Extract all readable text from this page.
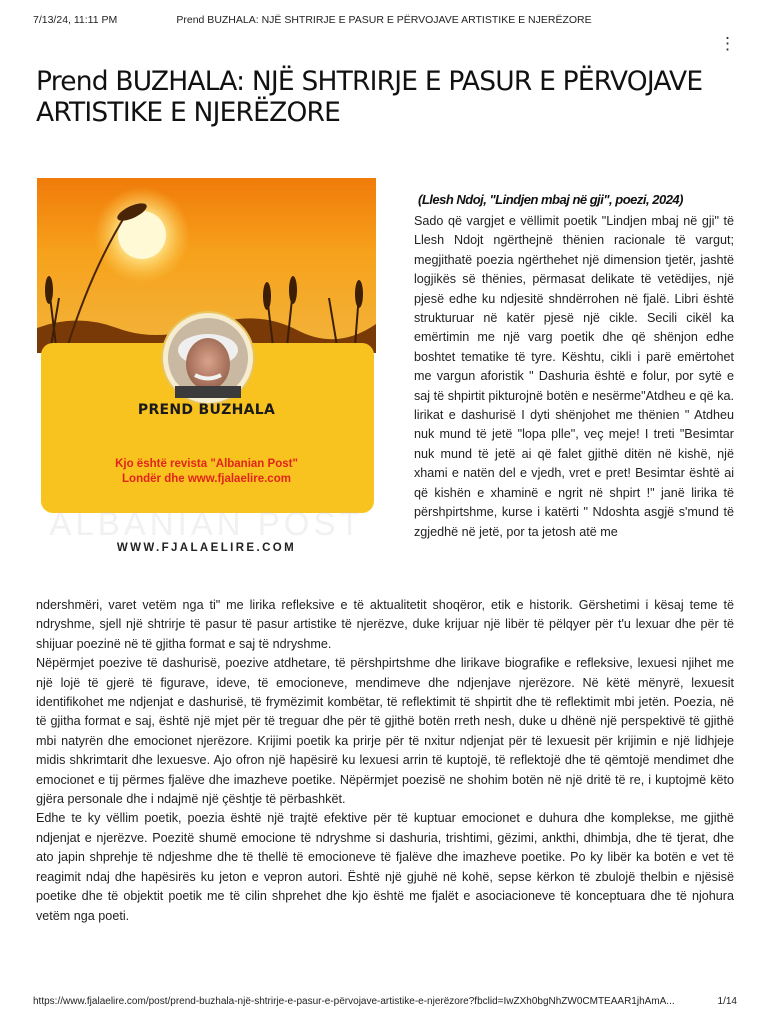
7/13/24, 11:11 PM	Prend BUZHALA: NJË SHTRIRJE E PASUR E PËRVOJAVE ARTISTIKE E NJERËZORE
⋮
Prend BUZHALA: NJË SHTRIRJE E PASUR E PËRVOJAVE ARTISTIKE E NJERËZORE
PREND BUZHALA
Kjo është revista "Albanian Post"
Londër dhe www.fjalaelire.com
ALBANIAN POST
WWW.FJALAELIRE.COM
(Llesh Ndoj, "Lindjen mbaj në gji", poezi, 2024)

Sado që vargjet e vëllimit poetik "Lindjen mbaj në gji" të Llesh Ndojt ngërthejnë thënien racionale të vargut; megjithatë poezia ngërthehet një dimension tjetër, jashtë logjikës së thënies, përmasat delikate të vetëdijes, një pjesë edhe ku ndjesitë shndërrohen në fjalë. Libri është strukturuar në katër pjesë një cikle. Secili cikël ka emërtimin me një varg poetik dhe që shënjon edhe boshtet tematike të tyre. Kështu, cikli i parë emërtohet me vargun aforistik " Dashuria është e folur, por sytë e saj të shpirtit pikturojnë botën e nesërme"Atdheu e që ka. lirikat e dashurisë I dyti shënjohet me thënien " Atdheu nuk mund të jetë "lopa plle", veç meje! I treti "Besimtar nuk mund të jetë ai që falet gjithë ditën në kishë, një xhami e natën del e vjedh, vret e pret! Besimtar është ai që kishën e xhaminë e ngrit në shpirt !" janë lirika të përshpirtshme, kurse i katërti " Ndoshta asgjë s'mund të zgjedhë në jetë, por ta jetosh atë me

ndershmëri, varet vetëm nga ti" me lirika refleksive e të aktualitetit shoqëror, etik e historik. Gërshetimi i kësaj teme të ndryshme, sjell një shtrirje të pasur të pasur artistike të njerëzve, duke krijuar një libër të pëlqyer për t'u lexuar dhe për të shijuar poezinë në të gjitha format e saj të ndryshme.

Nëpërmjet poezive të dashurisë, poezive atdhetare, të përshpirtshme dhe lirikave biografike e refleksive, lexuesi njihet me një lojë të gjerë të figurave, ideve, të emocioneve, mendimeve dhe ndjenjave njerëzore. Në këtë mënyrë, lexuesit identifikohet me ndjenjat e dashurisë, të frymëzimit kombëtar, të reflektimit të shpirtit dhe të reflektimit mbi jetën. Poezia, në të gjitha format e saj, është një mjet për të treguar dhe për të gjithë botën rreth nesh, duke u dhënë një perspektivë të gjithë mbi natyrën dhe emocionet njerëzore. Krijimi poetik ka prirje për të nxitur ndjenjat për të lexuesit për krijimin e një lidhjeje midis shkrimtarit dhe lexuesve. Ajo ofron një hapësirë ku lexuesi arrin të kuptojë, të reflektojë dhe të qëmtojë mendimet dhe emocionet e tij përmes fjalëve dhe imazheve poetike. Nëpërmjet poezisë ne shohim botën në një dritë të re, i kuptojmë këto gjëra personale dhe i ndajmë një çështje të përbashkët.

Edhe te ky vëllim poetik, poezia është një trajtë efektive për të kuptuar emocionet e duhura dhe komplekse, me gjithë ndjenjat e njerëzve. Poezitë shumë emocione të ndryshme si dashuria, trishtimi, gëzimi, ankthi, dhimbja, dhe të tjerat, dhe ato japin shprehje të ndjeshme dhe të thellë të emocioneve të fjalëve dhe imazheve poetike. Po ky libër ka botën e vet të reagimit ndaj dhe hapësirës ku jeton e vepron autori. Është një gjuhë në kohë, sepse kërkon të zbulojë thelbin e njësisë poetike dhe të objektit poetik me të cilin shprehet dhe kjo është me fjalët e asociacioneve të konceptuara dhe të njohura vetëm nga poeti.

https://www.fjalaelire.com/post/prend-buzhala-një-shtrirje-e-pasur-e-përvojave-artistike-e-njerëzore?fbclid=IwZXh0bgNhZW0CMTEAAR1jhAmA...	1/14
